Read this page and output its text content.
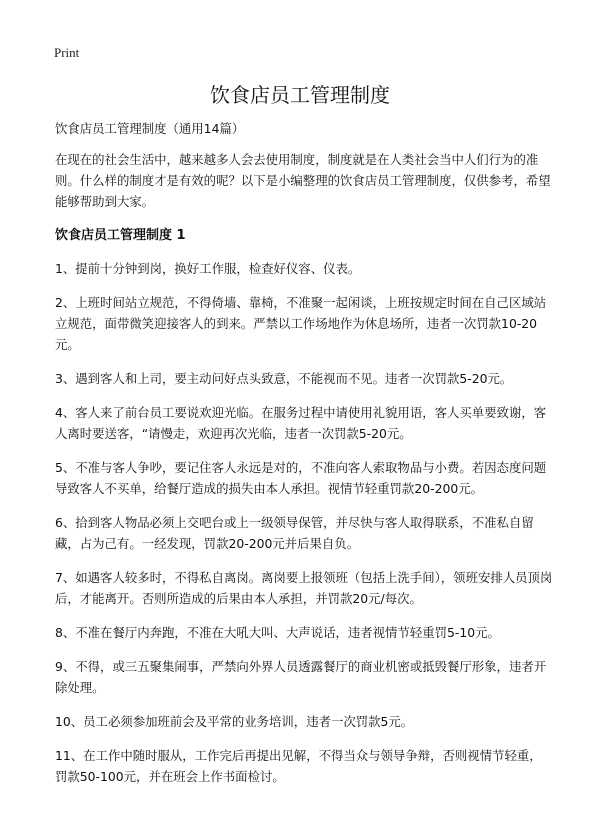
Print
饮食店员工管理制度

饮食店员工管理制度（通用14篇）

在现在的社会生活中，越来越多人会去使用制度，制度就是在人类社会当中人们行为的准则。什么样的制度才是有效的呢？以下是小编整理的饮食店员工管理制度，仅供参考，希望能够帮助到大家。

饮食店员工管理制度 1

1、提前十分钟到岗，换好工作服，检查好仪容、仪表。

2、上班时间站立规范，不得倚墙、靠椅，不准聚一起闲谈，上班按规定时间在自己区域站立规范，面带微笑迎接客人的到来。严禁以工作场地作为休息场所，违者一次罚款10-20元。

3、遇到客人和上司，要主动问好点头致意，不能视而不见。违者一次罚款5-20元。

4、客人来了前台员工要说欢迎光临。在服务过程中请使用礼貌用语，客人买单要致谢，客人离时要送客，“请慢走，欢迎再次光临，违者一次罚款5-20元。

5、不准与客人争吵，要记住客人永远是对的，不准向客人索取物品与小费。若因态度问题导致客人不买单，给餐厅造成的损失由本人承担。视情节轻重罚款20-200元。

6、拾到客人物品必须上交吧台或上一级领导保管，并尽快与客人取得联系，不准私自留藏，占为己有。一经发现，罚款20-200元并后果自负。

7、如遇客人较多时，不得私自离岗。离岗要上报领班（包括上洗手间），领班安排人员顶岗后，才能离开。否则所造成的后果由本人承担，并罚款20元/每次。

8、不准在餐厅内奔跑，不准在大吼大叫、大声说话，违者视情节轻重罚5-10元。

9、不得，或三五聚集闹事，严禁向外界人员透露餐厅的商业机密或抵毁餐厅形象，违者开除处理。

10、员工必须参加班前会及平常的业务培训，违者一次罚款5元。

11、在工作中随时服从，工作完后再提出见解，不得当众与领导争辩，否则视情节轻重，罚款50-100元，并在班会上作书面检讨。
